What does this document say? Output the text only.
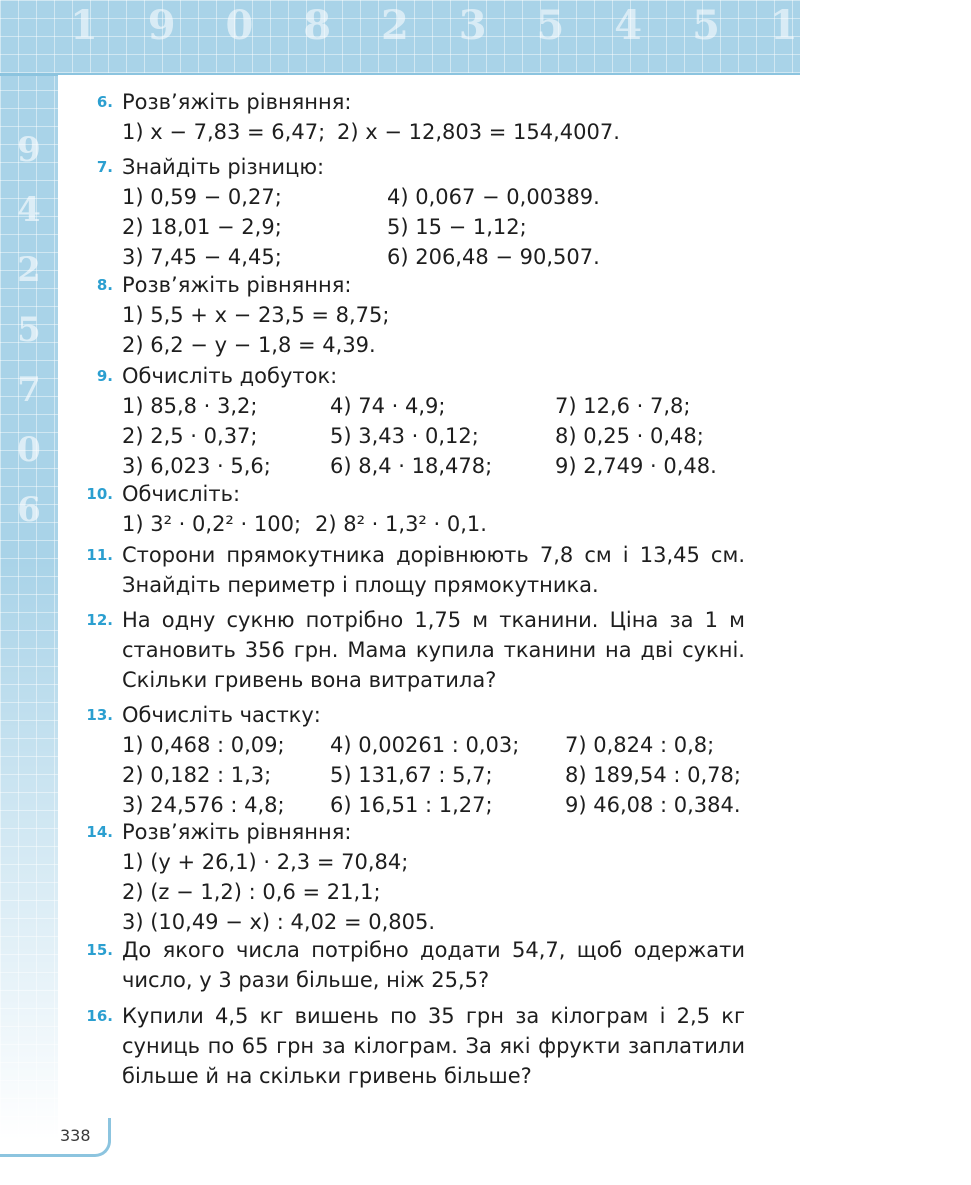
1 9 0 8 2 3 5 4 5 1 8 6
9
4
2
5
7
0
6
6. Розв’яжіть рівняння:
1) x − 7,83 = 6,47; 2) x − 12,803 = 154,4007.
7. Знайдіть різницю:
1) 0,59 − 0,27;	4) 0,067 − 0,00389.
2) 18,01 − 2,9;	5) 15 − 1,12;
3) 7,45 − 4,45;	6) 206,48 − 90,507.
8. Розв’яжіть рівняння:
1) 5,5 + x − 23,5 = 8,75;
2) 6,2 − y − 1,8 = 4,39.
9. Обчисліть добуток:
1) 85,8 · 3,2;	4) 74 · 4,9;	7) 12,6 · 7,8;
2) 2,5 · 0,37;	5) 3,43 · 0,12;	8) 0,25 · 0,48;
3) 6,023 · 5,6;	6) 8,4 · 18,478;	9) 2,749 · 0,48.
10. Обчисліть:
1) 3² · 0,2² · 100; 2) 8² · 1,3² · 0,1.
11. Сторони прямокутника дорівнюють 7,8 см і 13,45 см. Знайдіть периметр і площу прямокутника.
12. На одну сукню потрібно 1,75 м тканини. Ціна за 1 м становить 356 грн. Мама купила тканини на дві сукні. Скільки гривень вона витратила?
13. Обчисліть частку:
1) 0,468 : 0,09; 4) 0,00261 : 0,03; 7) 0,824 : 0,8;
2) 0,182 : 1,3;	5) 131,67 : 5,7;	8) 189,54 : 0,78;
3) 24,576 : 4,8; 6) 16,51 : 1,27;	9) 46,08 : 0,384.
14. Розв’яжіть рівняння:
1) (y + 26,1) · 2,3 = 70,84;
2) (z − 1,2) : 0,6 = 21,1;
3) (10,49 − x) : 4,02 = 0,805.
15. До якого числа потрібно додати 54,7, щоб одержати число, у 3 рази більше, ніж 25,5?
16. Купили 4,5 кг вишень по 35 грн за кілограм і 2,5 кг суниць по 65 грн за кілограм. За які фрукти заплатили більше й на скільки гривень більше?
338
